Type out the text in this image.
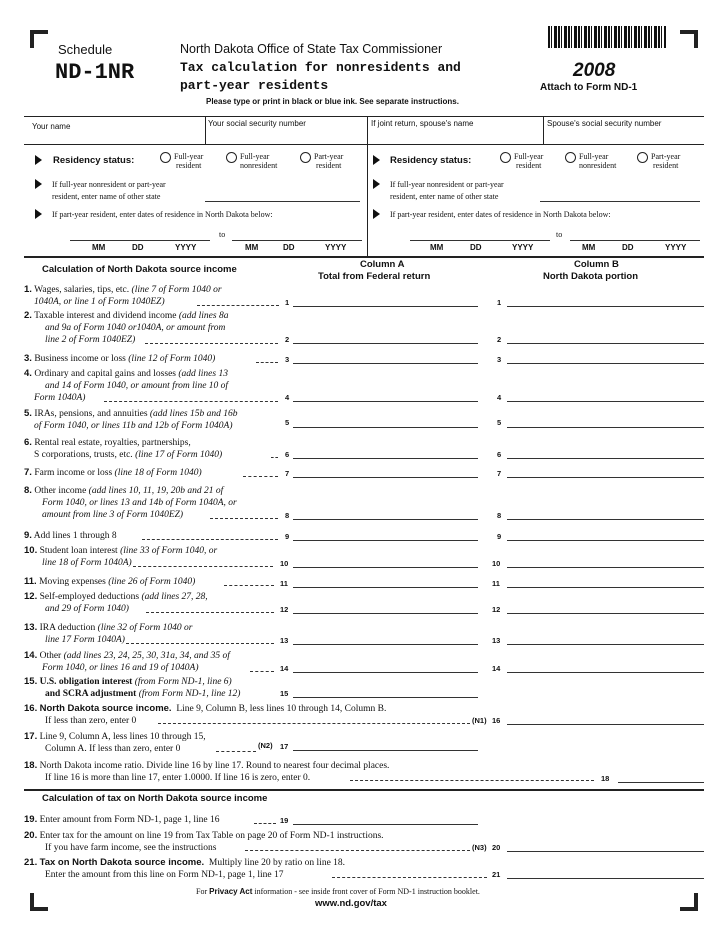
Schedule
ND-1NR
North Dakota Office of State Tax Commissioner
Tax calculation for nonresidents and
part-year residents
Please type or print in black or blue ink. See separate instructions.
2008
Attach to Form ND-1
Your name	Your social security number	If joint return, spouse's name	Spouse's social security number
Residency status:	Full-year
resident
Full-year
nonresident
Part-year
resident
If full-year nonresident or part-year
resident, enter name of other state
If part-year resident, enter dates of residence in North Dakota below:
to
MM	DD	YYYY	MM	DD	YYYY
Residency status:	Full-year
resident
Full-year
nonresident
Part-year
resident
If full-year nonresident or part-year
resident, enter name of other state
If part-year resident, enter dates of residence in North Dakota below:
to
MM	DD	YYYY	MM	DD	YYYY
Calculation of North Dakota source income	Column A
Total from Federal return
Column B
North Dakota portion
1. Wages, salaries, tips, etc. (line 7 of Form 1040 or
1040A, or line 1 of Form 1040EZ)	1	1
2. Taxable interest and dividend income (add lines 8a
and 9a of Form 1040 or1040A, or amount from
line 2 of Form 1040EZ)	2	2
3. Business income or loss (line 12 of Form 1040)	3	3
4. Ordinary and capital gains and losses (add lines 13
and 14 of Form 1040, or amount from line 10 of
Form 1040A)	4	4
5. IRAs, pensions, and annuities (add lines 15b and 16b
of Form 1040, or lines 11b and 12b of Form 1040A)	5	5
6. Rental real estate, royalties, partnerships,
S corporations, trusts, etc. (line 17 of Form 1040)	6	6
7. Farm income or loss (line 18 of Form 1040)	7	7
8. Other income (add lines 10, 11, 19, 20b and 21 of
Form 1040, or lines 13 and 14b of Form 1040A, or
amount from line 3 of Form 1040EZ)	8	8
9. Add lines 1 through 8	9	9
10. Student loan interest (line 33 of Form 1040, or
line 18 of Form 1040A)	10	10
11. Moving expenses (line 26 of Form 1040)	11	11
12. Self-employed deductions (add lines 27, 28,
and 29 of Form 1040)	12	12
13. IRA deduction (line 32 of Form 1040 or
line 17 Form 1040A)	13	13
14. Other (add lines 23, 24, 25, 30, 31a, 34, and 35 of
Form 1040, or lines 16 and 19 of 1040A)	14	14
15. U.S. obligation interest (from Form ND-1, line 6)
and SCRA adjustment (from Form ND-1, line 12)	15
16. North Dakota source income. Line 9, Column B, less lines 10 through 14, Column B.
If less than zero, enter 0	(N1) 16
17. Line 9, Column A, less lines 10 through 15,
Column A. If less than zero, enter 0	(N2) 17
18. North Dakota income ratio. Divide line 16 by line 17. Round to nearest four decimal places.
If line 16 is more than line 17, enter 1.0000. If line 16 is zero, enter 0.	18
Calculation of tax on North Dakota source income
19. Enter amount from Form ND-1, page 1, line 16	19
20. Enter tax for the amount on line 19 from Tax Table on page 20 of Form ND-1 instructions.
If you have farm income, see the instructions	(N3) 20
21. Tax on North Dakota source income. Multiply line 20 by ratio on line 18.
Enter the amount from this line on Form ND-1, page 1, line 17	21
For Privacy Act information - see inside front cover of Form ND-1 instruction booklet.
www.nd.gov/tax
